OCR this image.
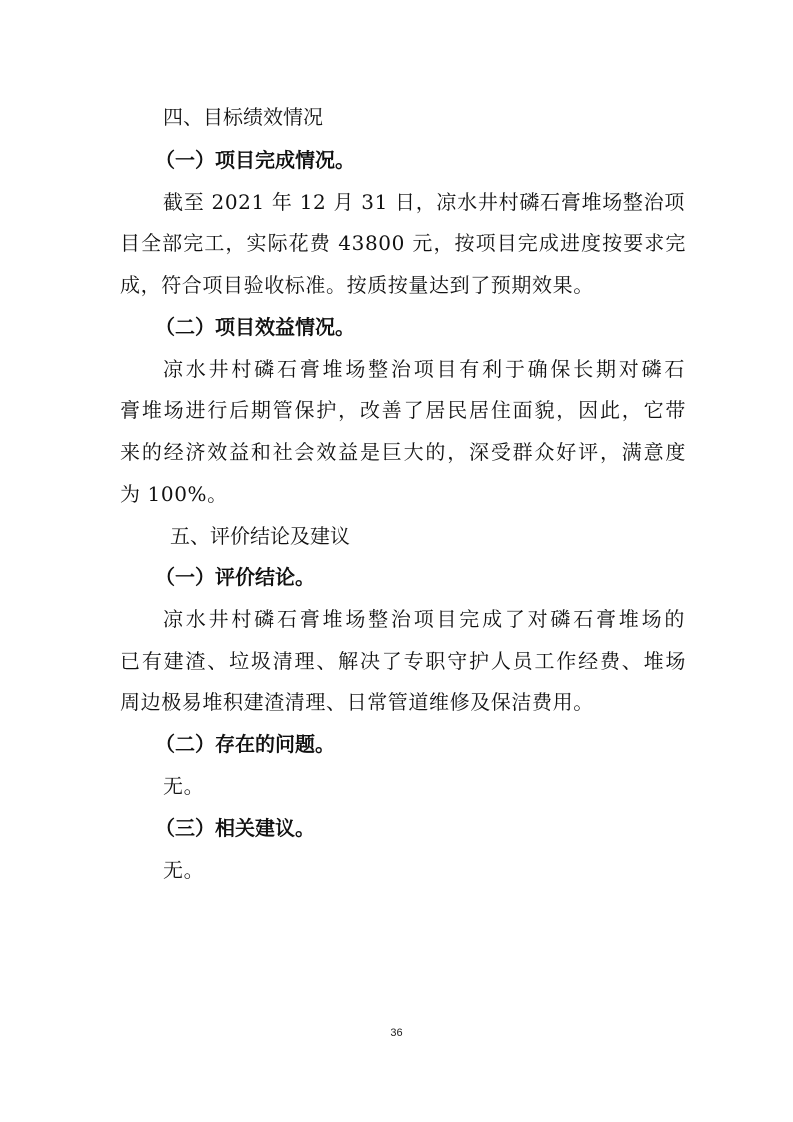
四、目标绩效情况
（一）项目完成情况。
截至 2021 年 12 月 31 日，凉水井村磷石膏堆场整治项
目全部完工，实际花费 43800 元，按项目完成进度按要求完
成，符合项目验收标准。按质按量达到了预期效果。
（二）项目效益情况。
凉水井村磷石膏堆场整治项目有利于确保长期对磷石
膏堆场进行后期管保护，改善了居民居住面貌，因此，它带
来的经济效益和社会效益是巨大的，深受群众好评，满意度
为 100%。
五、评价结论及建议
（一）评价结论。
凉水井村磷石膏堆场整治项目完成了对磷石膏堆场的
已有建渣、垃圾清理、解决了专职守护人员工作经费、堆场
周边极易堆积建渣清理、日常管道维修及保洁费用。
（二）存在的问题。
无。
（三）相关建议。
无。
36
